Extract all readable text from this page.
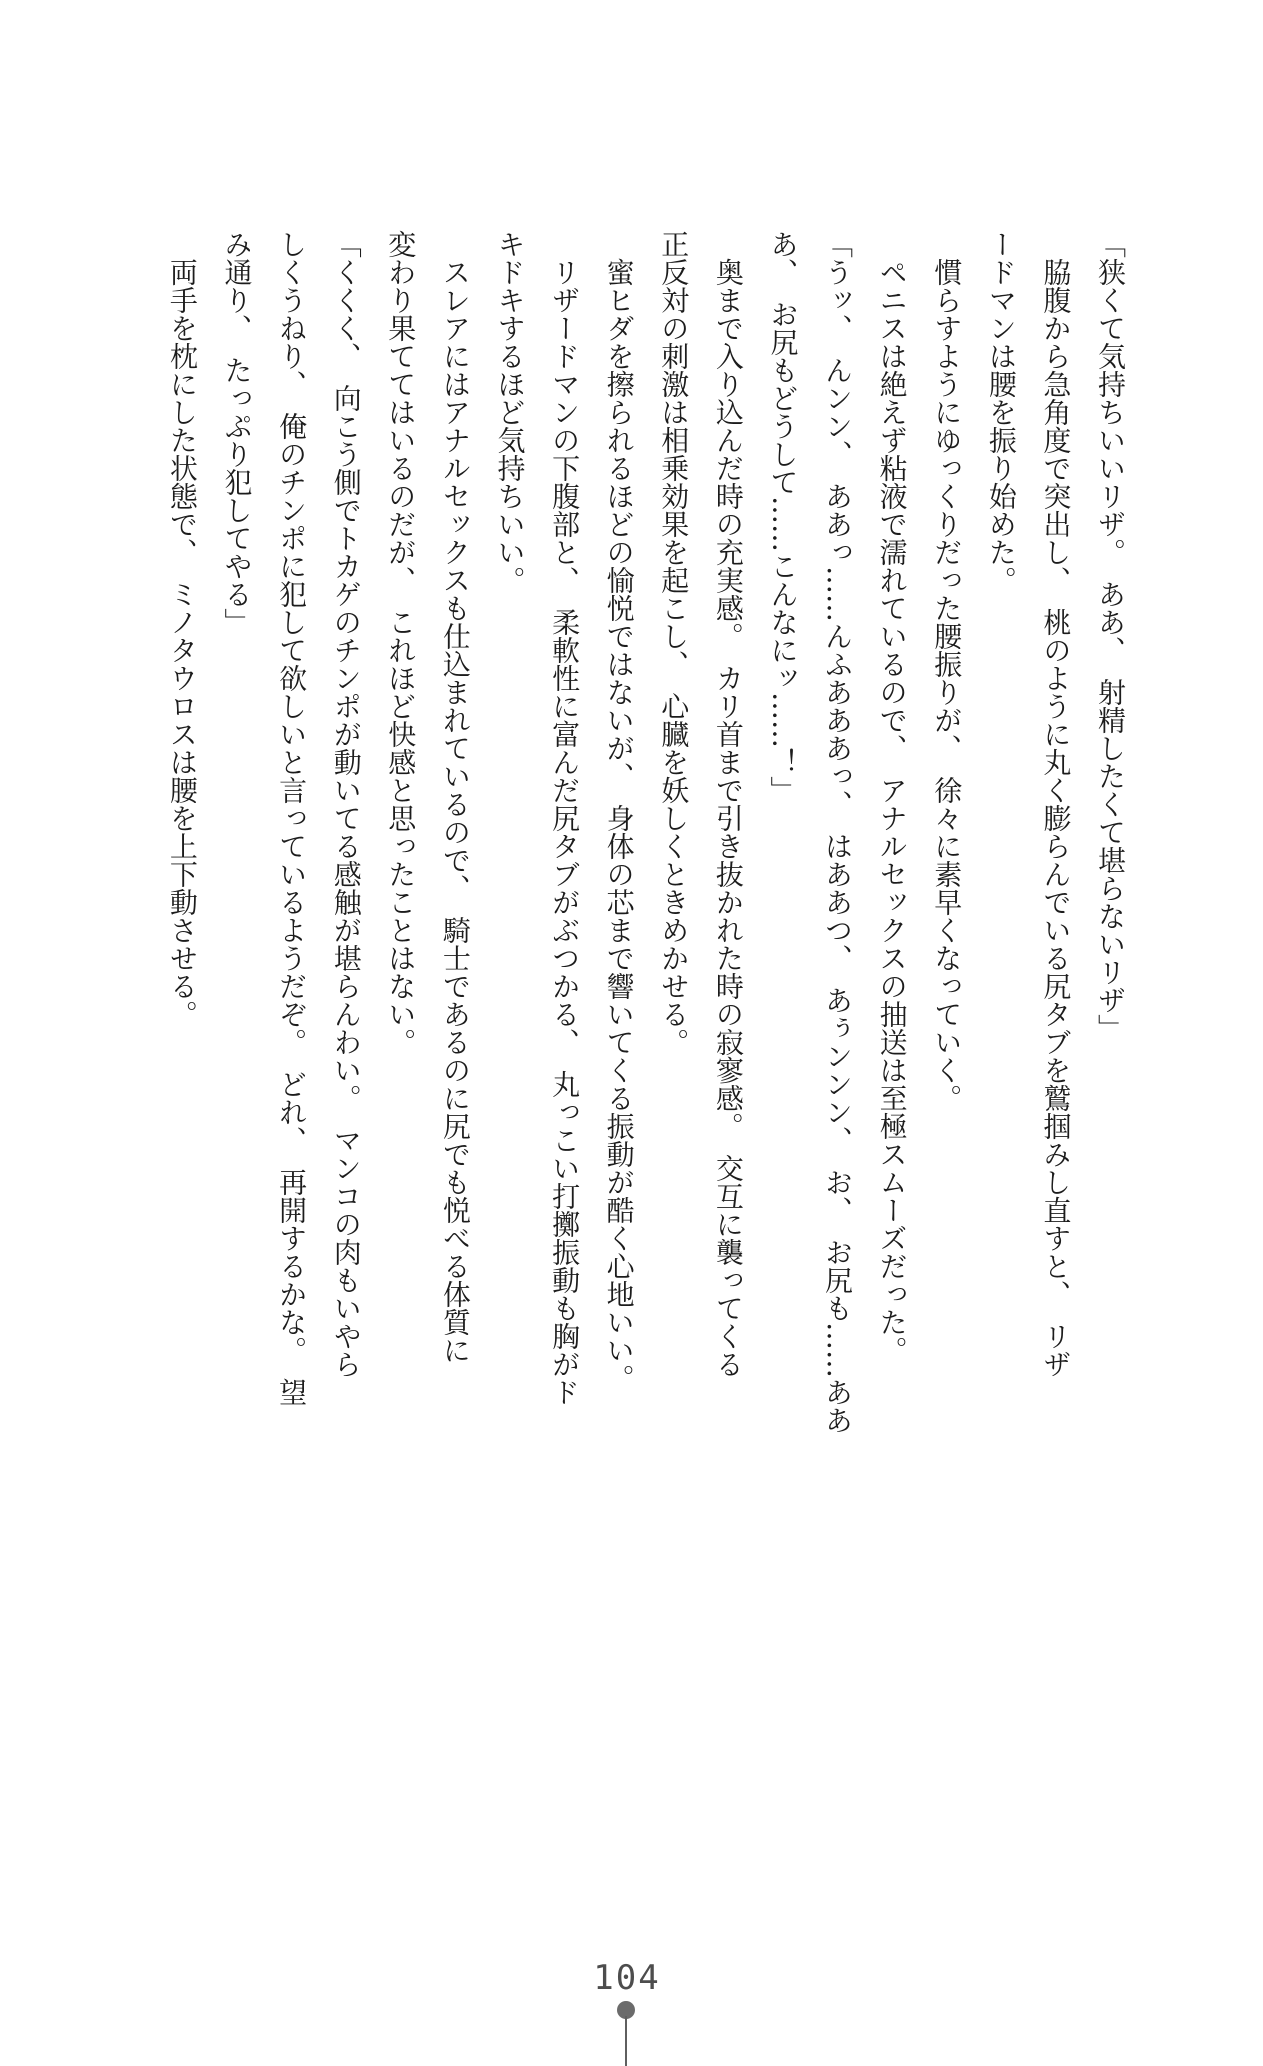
「狭くて気持ちいいリザ。　ああ、　射精したくて堪らないリザ」

　脇腹から急角度で突出し、　桃のように丸く膨らんでいる尻タブを鷲掴みし直すと、　リザ

ードマンは腰を振り始めた。

　慣らすようにゆっくりだった腰振りが、　徐々に素早くなっていく。

　ペニスは絶えず粘液で濡れているので、　アナルセックスの抽送は至極スムーズだった。

「うッ、　んンン、　ああっ……んふあああっ、　はああつ、　あぅンンン、　お、　お尻も……ああ

あ、　お尻もどうして……こんなにッ……！」

　奥まで入り込んだ時の充実感。　カリ首まで引き抜かれた時の寂寥感。　交互に襲ってくる

正反対の刺激は相乗効果を起こし、　心臓を妖しくときめかせる。

　蜜ヒダを擦られるほどの愉悦ではないが、　身体の芯まで響いてくる振動が酷く心地いい。

　リザードマンの下腹部と、　柔軟性に富んだ尻タブがぶつかる、　丸っこい打擲振動も胸がド

キドキするほど気持ちいい。

　スレアにはアナルセックスも仕込まれているので、　騎士であるのに尻でも悦べる体質に

変わり果ててはいるのだが、　これほど快感と思ったことはない。

「くくく、　向こう側でトカゲのチンポが動いてる感触が堪らんわい。　マンコの肉もいやら

しくうねり、　俺のチンポに犯して欲しいと言っているようだぞ。　どれ、　再開するかな。　望

み通り、　たっぷり犯してやる」

　両手を枕にした状態で、　ミノタウロスは腰を上下動させる。

104
